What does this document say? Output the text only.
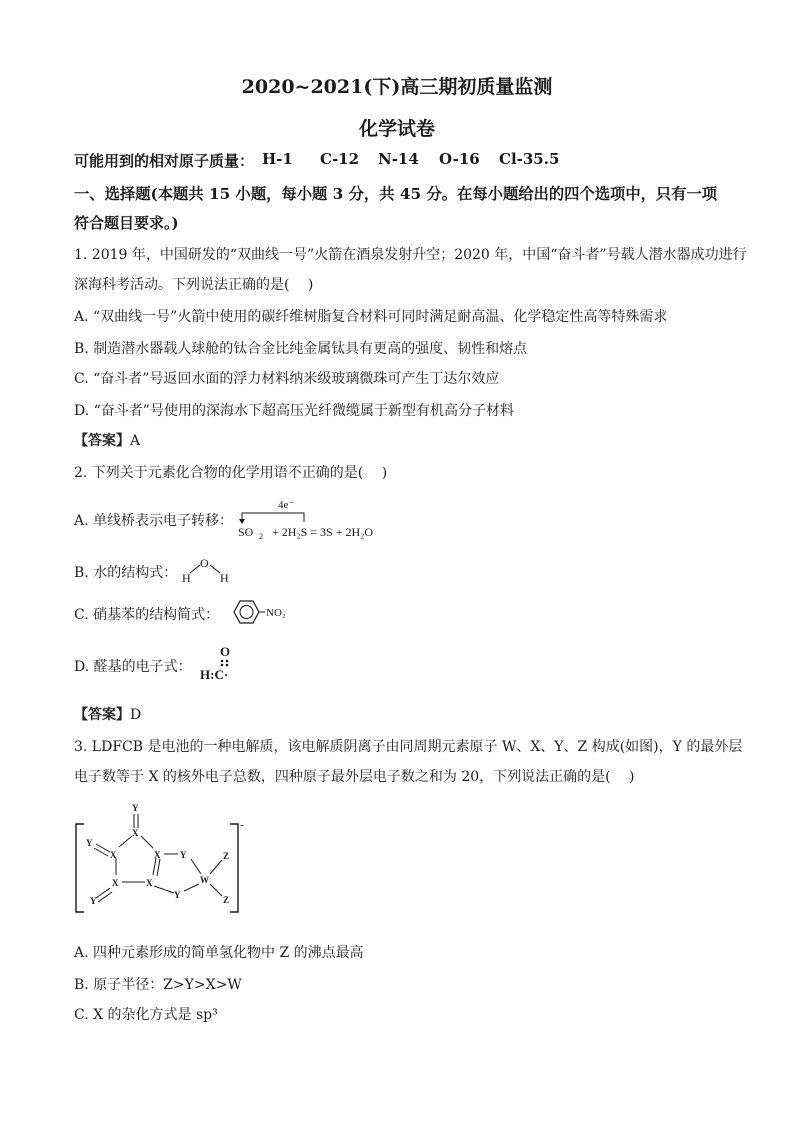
2020~2021(下)高三期初质量监测
化学试卷
可能用到的相对原子质量： H-1 C-12 N-14 O-16 Cl-35.5
一、选择题(本题共 15 小题，每小题 3 分，共 45 分。在每小题给出的四个选项中，只有一项
符合题目要求。)
1. 2019 年，中国研发的“双曲线一号”火箭在酒泉发射升空；2020 年，中国“奋斗者”号载人潜水器成功进行
深海科考活动。下列说法正确的是(　 )
A. “双曲线一号”火箭中使用的碳纤维树脂复合材料可同时满足耐高温、化学稳定性高等特殊需求
B. 制造潜水器载人球舱的钛合金比纯金属钛具有更高的强度、韧性和熔点
C. “奋斗者”号返回水面的浮力材料纳米级玻璃微珠可产生丁达尔效应
D. “奋斗者”号使用的深海水下超高压光纤微缆属于新型有机高分子材料
【答案】A
2. 下列关于元素化合物的化学用语不正确的是(　 )
A. 单线桥表示电子转移：
4e⁻
SO 2 + 2H₂S = 3S + 2H₂O
B. 水的结构式：
O
H H
C. 硝基苯的结构简式：	NO₂
D. 醛基的电子式：
O
H:C·
【答案】D
3. LDFCB 是电池的一种电解质，该电解质阴离子由同周期元素原子 W、X、Y、Z 构成(如图)，Y 的最外层
电子数等于 X 的核外电子总数，四种原子最外层电子数之和为 20，下列说法正确的是(　 )
-
Y
X
Y
X	X Y
X	X
Y
W
Z
Z
Y
A. 四种元素形成的简单氢化物中 Z 的沸点最高
B. 原子半径：Z>Y>X>W
C. X 的杂化方式是 sp³
